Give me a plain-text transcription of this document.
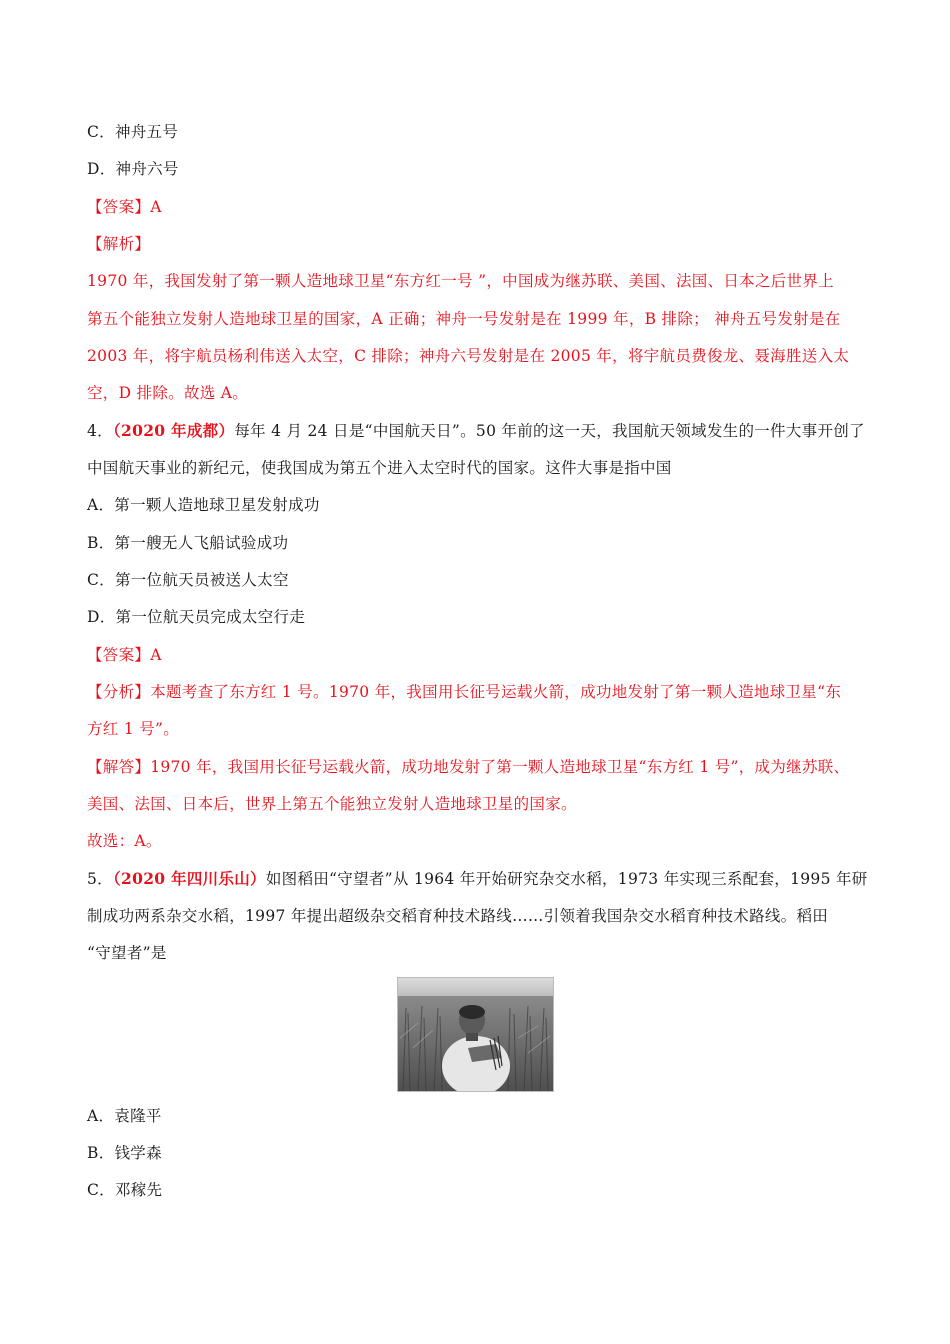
C．神舟五号
D．神舟六号
【答案】A
【解析】
1970 年，我国发射了第一颗人造地球卫星“东方红一号 ”，中国成为继苏联、美国、法国、日本之后世界上
第五个能独立发射人造地球卫星的国家，A 正确；神舟一号发射是在 1999 年，B 排除； 神舟五号发射是在
2003 年，将宇航员杨利伟送入太空，C 排除；神舟六号发射是在 2005 年，将宇航员费俊龙、聂海胜送入太
空，D 排除。故选 A。
4．（2020 年成都）每年 4 月 24 日是“中国航天日”。50 年前的这一天，我国航天领域发生的一件大事开创了
中国航天事业的新纪元，使我国成为第五个进入太空时代的国家。这件大事是指中国
A．第一颗人造地球卫星发射成功
B．第一艘无人飞船试验成功
C．第一位航天员被送人太空
D．第一位航天员完成太空行走
【答案】A
【分析】本题考查了东方红 1 号。1970 年，我国用长征号运载火箭，成功地发射了第一颗人造地球卫星“东
方红 1 号”。
【解答】1970 年，我国用长征号运载火箭，成功地发射了第一颗人造地球卫星“东方红 1 号”，成为继苏联、
美国、法国、日本后，世界上第五个能独立发射人造地球卫星的国家。
故选：A。
5．（2020 年四川乐山）如图稻田“守望者”从 1964 年开始研究杂交水稻，1973 年实现三系配套，1995 年研
制成功两系杂交水稻，1997 年提出超级杂交稻育种技术路线……引领着我国杂交水稻育种技术路线。稻田
“守望者”是
A．袁隆平
B．钱学森
C．邓稼先
